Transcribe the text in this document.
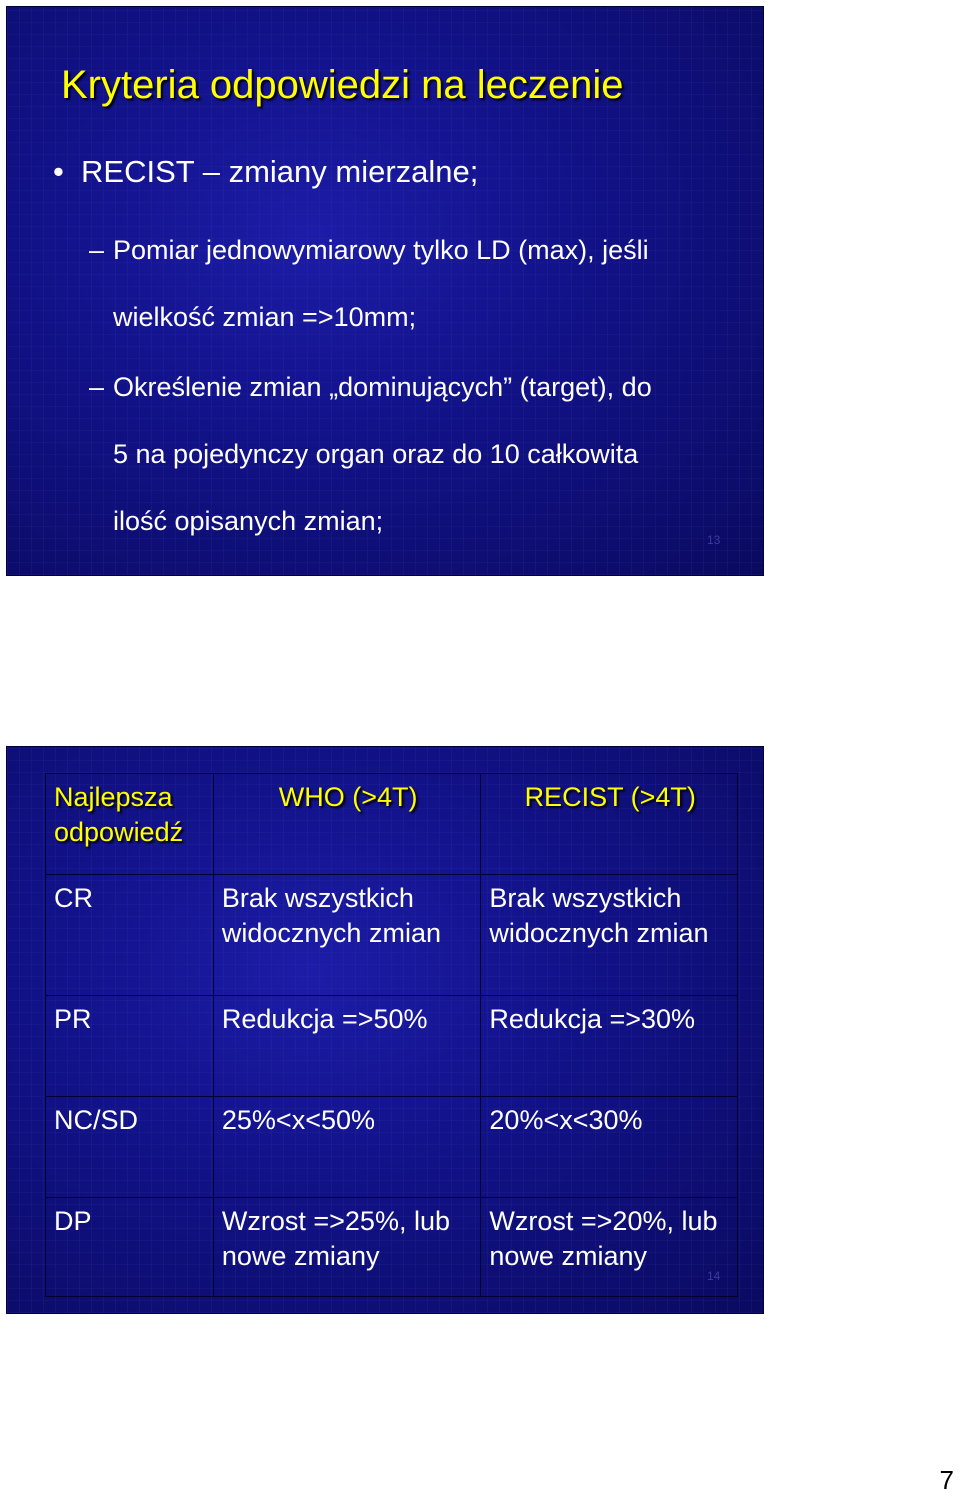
Kryteria odpowiedzi na leczenie
• RECIST – zmiany mierzalne;
– Pomiar jednowymiarowy tylko LD (max), jeśli
wielkość zmian =>10mm;
– Określenie zmian „dominujących” (target), do
5 na pojedynczy organ oraz do 10 całkowita
ilość opisanych zmian;
13
Najlepsza odpowiedź	WHO (>4T)	RECIST (>4T)
CR	Brak wszystkich widocznych zmian	Brak wszystkich widocznych zmian
PR	Redukcja =>50%	Redukcja =>30%
NC/SD	25%<x<50%	20%<x<30%
DP	Wzrost =>25%, lub nowe zmiany	Wzrost =>20%, lub nowe zmiany
14
7
